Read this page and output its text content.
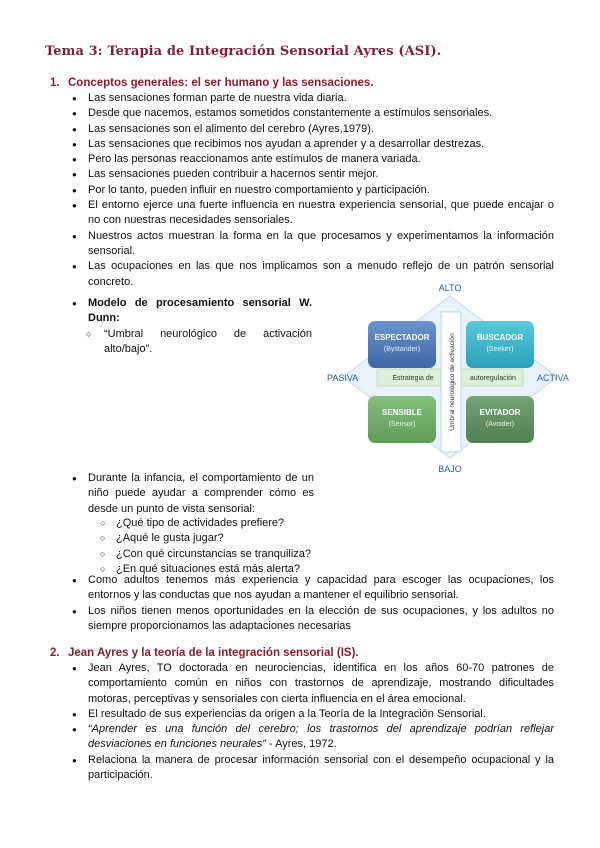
Tema 3: Terapia de Integración Sensorial Ayres (ASI).
1. Conceptos generales: el ser humano y las sensaciones.
● Las sensaciones forman parte de nuestra vida diaria.
● Desde que nacemos, estamos sometidos constantemente a estímulos sensoriales.
● Las sensaciones son el alimento del cerebro (Ayres,1979).
● Las sensaciones que recibimos nos ayudan a aprender y a desarrollar destrezas.
● Pero las personas reaccionamos ante estímulos de manera variada.
● Las sensaciones pueden contribuir a hacernos sentir mejor.
● Por lo tanto, pueden influir en nuestro comportamiento y participación.
● El entorno ejerce una fuerte influencia en nuestra experiencia sensorial, que puede encajar o no con nuestras necesidades sensoriales.
● Nuestros actos muestran la forma en la que procesamos y experimentamos la información sensorial.
● Las ocupaciones en las que nos implicamos son a menudo reflejo de un patrón sensorial concreto.
● Modelo de procesamiento sensorial W. Dunn:
○ “Umbral neurológico de activación alto/bajo”.
ESPECTADOR
(Bystander)
BUSCADOR
(Seeker)
SENSIBLE
(Sensor)
EVITADOR
(Avoider)
Estrategia de	autoregulación
Umbral neurológico de activación
ALTO
BAJO
PASIVA	ACTIVA
● Durante la infancia, el comportamiento de un niño puede ayudar a comprender cómo es desde un punto de vista sensorial:
○ ¿Qué tipo de actividades prefiere?
○ ¿Aqué le gusta jugar?
○ ¿Con qué circunstancias se tranquiliza?
○ ¿En qué situaciones está más alerta?
● Como adultos tenemos más experiencia y capacidad para escoger las ocupaciones, los entornos y las conductas que nos ayudan a mantener el equilibrio sensorial.
● Los niños tienen menos oportunidades en la elección de sus ocupaciones, y los adultos no siempre proporcionamos las adaptaciones necesarias
2. Jean Ayres y la teoría de la integración sensorial (IS).
● Jean Ayres, TO doctorada en neurociencias, identifica en los años 60-70 patrones de comportamiento común en niños con trastornos de aprendizaje, mostrando dificultades motoras, perceptivas y sensoriales con cierta influencia en el área emocional.
● El resultado de sus experiencias da origen a la Teoría de la Integración Sensorial.
● “Aprender es una función del cerebro; los trastornos del aprendizaje podrían reflejar desviaciones en funciones neurales” - Ayres, 1972.
● Relaciona la manera de procesar información sensorial con el desempeño ocupacional y la participación.
